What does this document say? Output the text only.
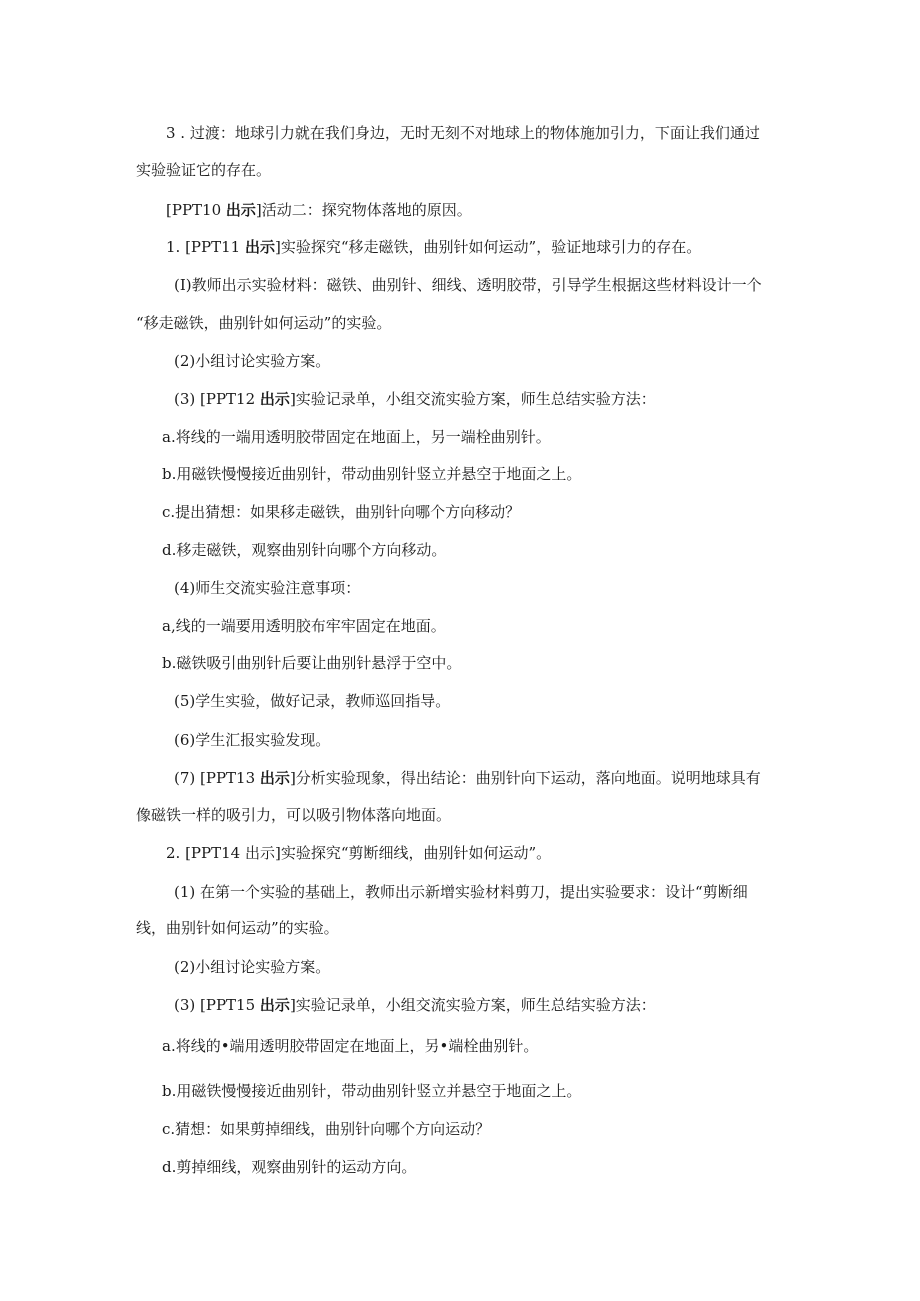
3 . 过渡：地球引力就在我们身边，无时无刻不对地球上的物体施加引力，下面让我们通过
实验验证它的存在。
[PPT10 出示]活动二：探究物体落地的原因。
1. [PPT11 出示]实验探究“移走磁铁，曲别针如何运动”，验证地球引力的存在。
(I)教师出示实验材料：磁铁、曲别针、细线、透明胶带，引导学生根据这些材料设计一个
“移走磁铁，曲别针如何运动”的实验。
(2)小组讨论实验方案。
(3) [PPT12 出示]实验记录单，小组交流实验方案，师生总结实验方法：
a.将线的一端用透明胶带固定在地面上，另一端栓曲别针。
b.用磁铁慢慢接近曲别针，带动曲别针竖立并悬空于地面之上。
c.提出猜想：如果移走磁铁，曲别针向哪个方向移动？
d.移走磁铁，观察曲别针向哪个方向移动。
(4)师生交流实验注意事项：
a,线的一端要用透明胶布牢牢固定在地面。
b.磁铁吸引曲别针后要让曲别针悬浮于空中。
(5)学生实验，做好记录，教师巡回指导。
(6)学生汇报实验发现。
(7) [PPT13 出示]分析实验现象，得出结论：曲别针向下运动，落向地面。说明地球具有
像磁铁一样的吸引力，可以吸引物体落向地面。
2. [PPT14 出示]实验探究“剪断细线，曲别针如何运动”。
(1) 在第一个实验的基础上，教师出示新增实验材料剪刀，提出实验要求：设计“剪断细
线，曲别针如何运动”的实验。
(2)小组讨论实验方案。
(3) [PPT15 出示]实验记录单，小组交流实验方案，师生总结实验方法：
a.将线的•端用透明胶带固定在地面上，另•端栓曲别针。
b.用磁铁慢慢接近曲别针，带动曲别针竖立并悬空于地面之上。
c.猜想：如果剪掉细线，曲别针向哪个方向运动？
d.剪掉细线，观察曲别针的运动方向。
